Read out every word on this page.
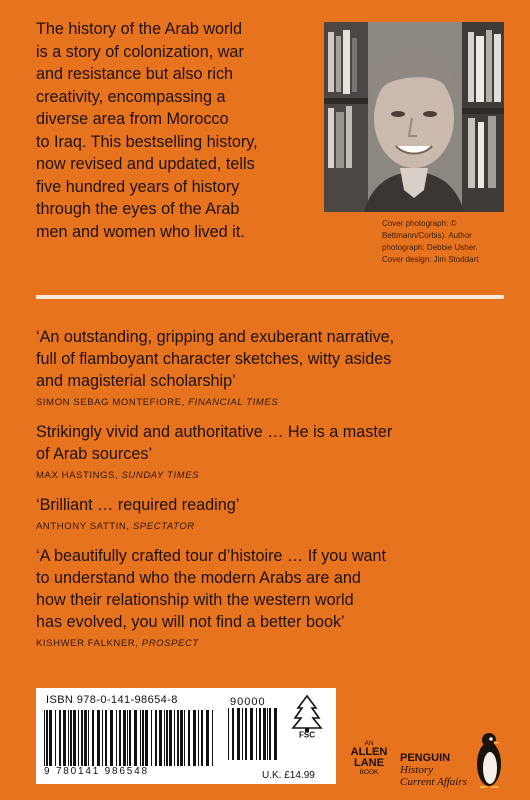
The history of the Arab world
is a story of colonization, war
and resistance but also rich
creativity, encompassing a
diverse area from Morocco
to Iraq. This bestselling history,
now revised and updated, tells
five hundred years of history
through the eyes of the Arab
men and women who lived it.	Cover photograph: ©
Bettmann/Corbis). Author
photograph: Debbie Usher.
Cover design: Jim Stoddart
‘An outstanding, gripping and exuberant narrative,
full of flamboyant character sketches, witty asides
and magisterial scholarship’
SIMON SEBAG MONTEFIORE, FINANCIAL TIMES
Strikingly vivid and authoritative … He is a master
of Arab sources’
MAX HASTINGS, SUNDAY TIMES
‘Brilliant … required reading’
ANTHONY SATTIN, SPECTATOR
‘A beautifully crafted tour d’histoire … If you want
to understand who the modern Arabs are and
how their relationship with the western world
has evolved, you will not find a better book’
KISHWER FALKNER, PROSPECT
ISBN 978-0-141-98654-8
9 780141 986548
90000
FSC
U.K. £14.99
AN
ALLEN
LANE
BOOK
PENGUIN
History
Current Affairs
